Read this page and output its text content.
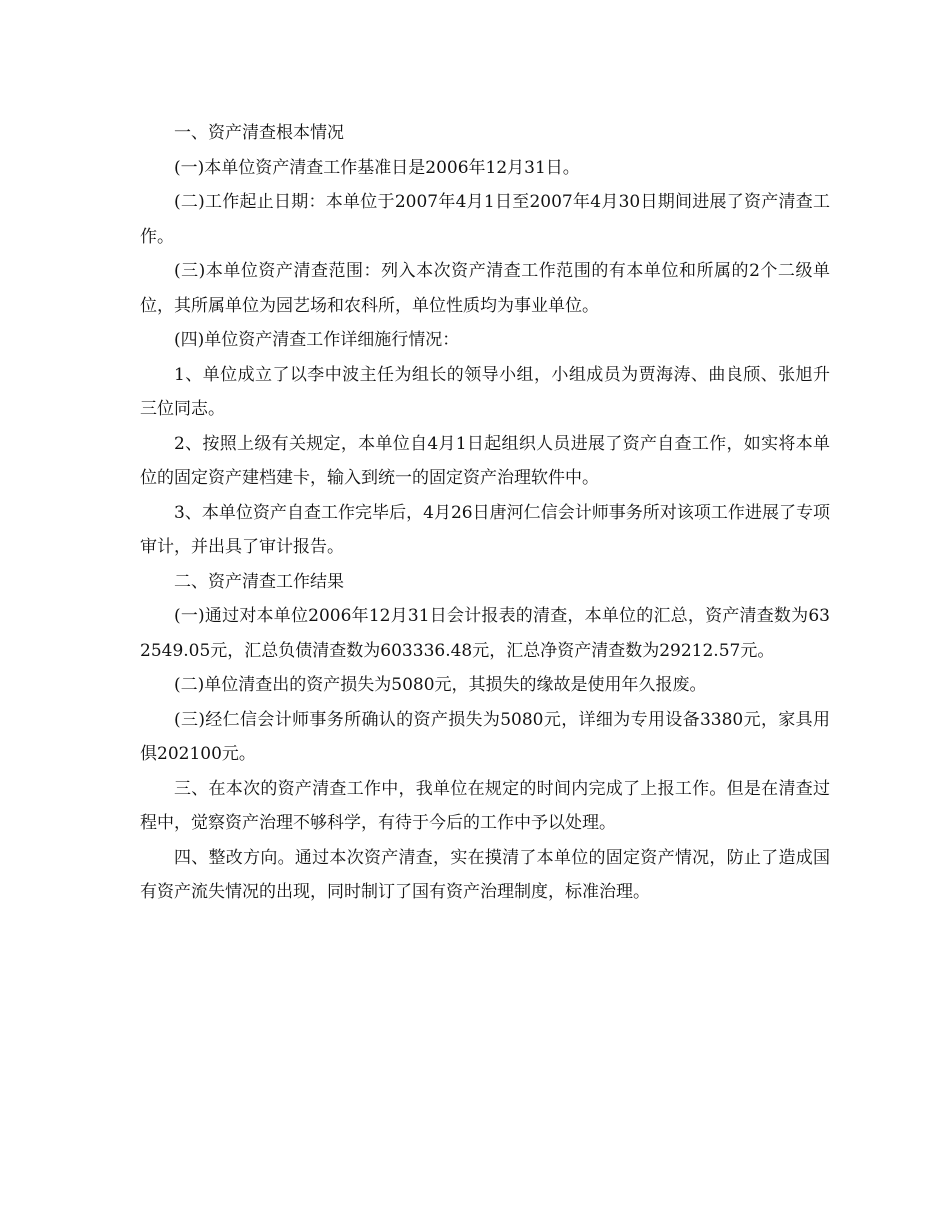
一、资产清查根本情况

(一)本单位资产清查工作基准日是2006年12月31日。

(二)工作起止日期：本单位于2007年4月1日至2007年4月30日期间进展了资产清查工作。

(三)本单位资产清查范围：列入本次资产清查工作范围的有本单位和所属的2个二级单位，其所属单位为园艺场和农科所，单位性质均为事业单位。

(四)单位资产清查工作详细施行情况：

1、单位成立了以李中波主任为组长的领导小组，小组成员为贾海涛、曲良颀、张旭升三位同志。

2、按照上级有关规定，本单位自4月1日起组织人员进展了资产自查工作，如实将本单位的固定资产建档建卡，输入到统一的固定资产治理软件中。

3、本单位资产自查工作完毕后，4月26日唐河仁信会计师事务所对该项工作进展了专项审计，并出具了审计报告。

二、资产清查工作结果

(一)通过对本单位2006年12月31日会计报表的清查，本单位的汇总，资产清查数为632549.05元，汇总负债清查数为603336.48元，汇总净资产清查数为29212.57元。

(二)单位清查出的资产损失为5080元，其损失的缘故是使用年久报废。

(三)经仁信会计师事务所确认的资产损失为5080元，详细为专用设备3380元，家具用俱202100元。

三、在本次的资产清查工作中，我单位在规定的时间内完成了上报工作。但是在清查过程中，觉察资产治理不够科学，有待于今后的工作中予以处理。

四、整改方向。通过本次资产清查，实在摸清了本单位的固定资产情况，防止了造成国有资产流失情况的出现，同时制订了国有资产治理制度，标准治理。
